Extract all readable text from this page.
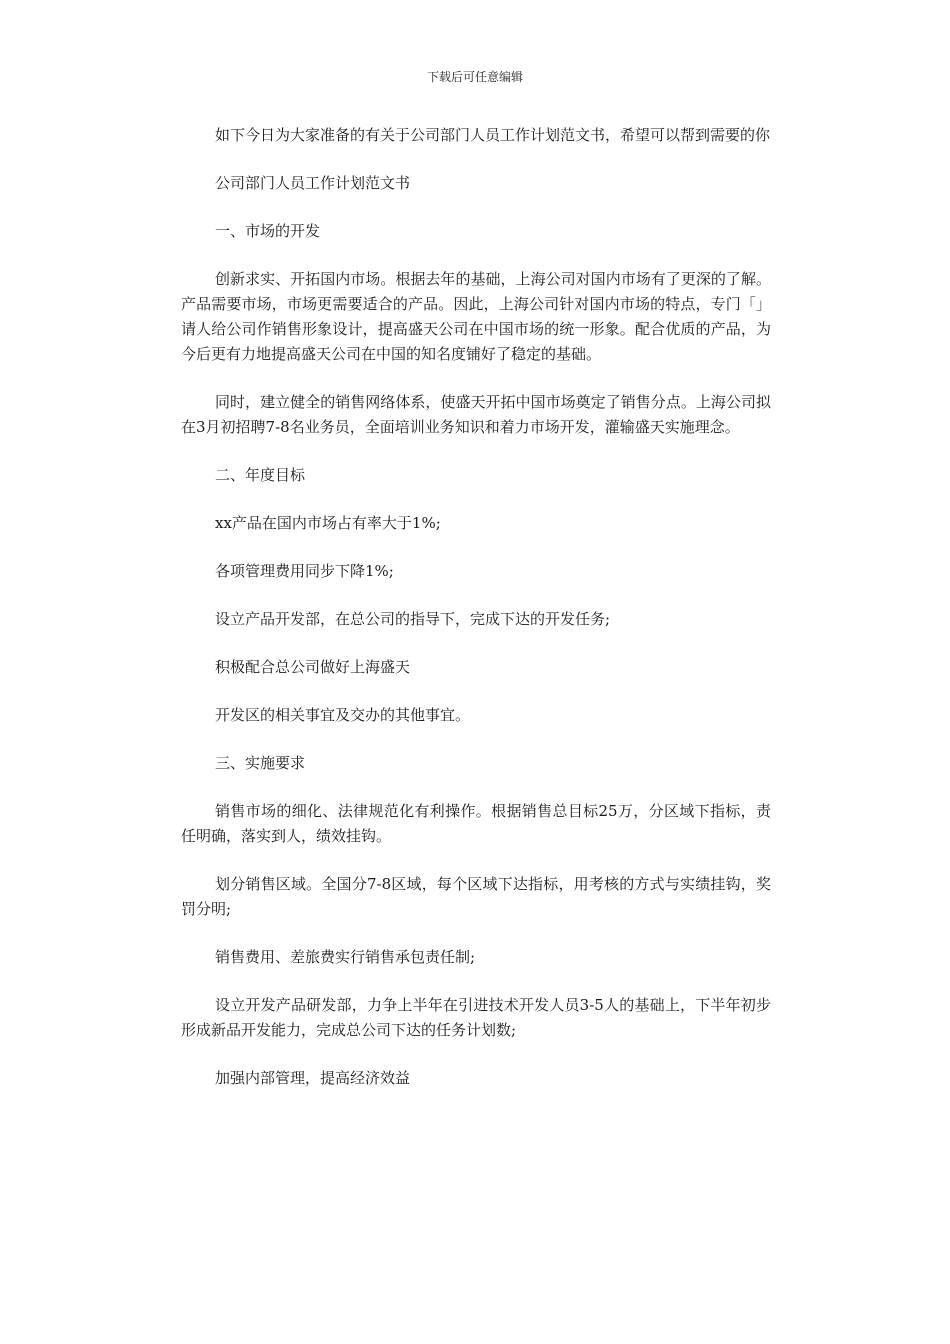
下载后可任意编辑

如下今日为大家准备的有关于公司部门人员工作计划范文书，希望可以帮到需要的你

公司部门人员工作计划范文书

一、市场的开发

创新求实、开拓国内市场。根据去年的基础，上海公司对国内市场有了更深的了解。产品需要市场，市场更需要适合的产品。因此，上海公司针对国内市场的特点，专门「」请人给公司作销售形象设计，提高盛天公司在中国市场的统一形象。配合优质的产品，为今后更有力地提高盛天公司在中国的知名度铺好了稳定的基础。

同时，建立健全的销售网络体系，使盛天开拓中国市场奠定了销售分点。上海公司拟在3月初招聘7-8名业务员，全面培训业务知识和着力市场开发，灌输盛天实施理念。

二、年度目标

xx产品在国内市场占有率大于1%;

各项管理费用同步下降1%;

设立产品开发部，在总公司的指导下，完成下达的开发任务;

积极配合总公司做好上海盛天

开发区的相关事宜及交办的其他事宜。

三、实施要求

销售市场的细化、法律规范化有利操作。根据销售总目标25万，分区域下指标，责任明确，落实到人，绩效挂钩。

划分销售区域。全国分7-8区域，每个区域下达指标，用考核的方式与实绩挂钩，奖罚分明;

销售费用、差旅费实行销售承包责任制;

设立开发产品研发部，力争上半年在引进技术开发人员3-5人的基础上，下半年初步形成新品开发能力，完成总公司下达的任务计划数;

加强内部管理，提高经济效益
